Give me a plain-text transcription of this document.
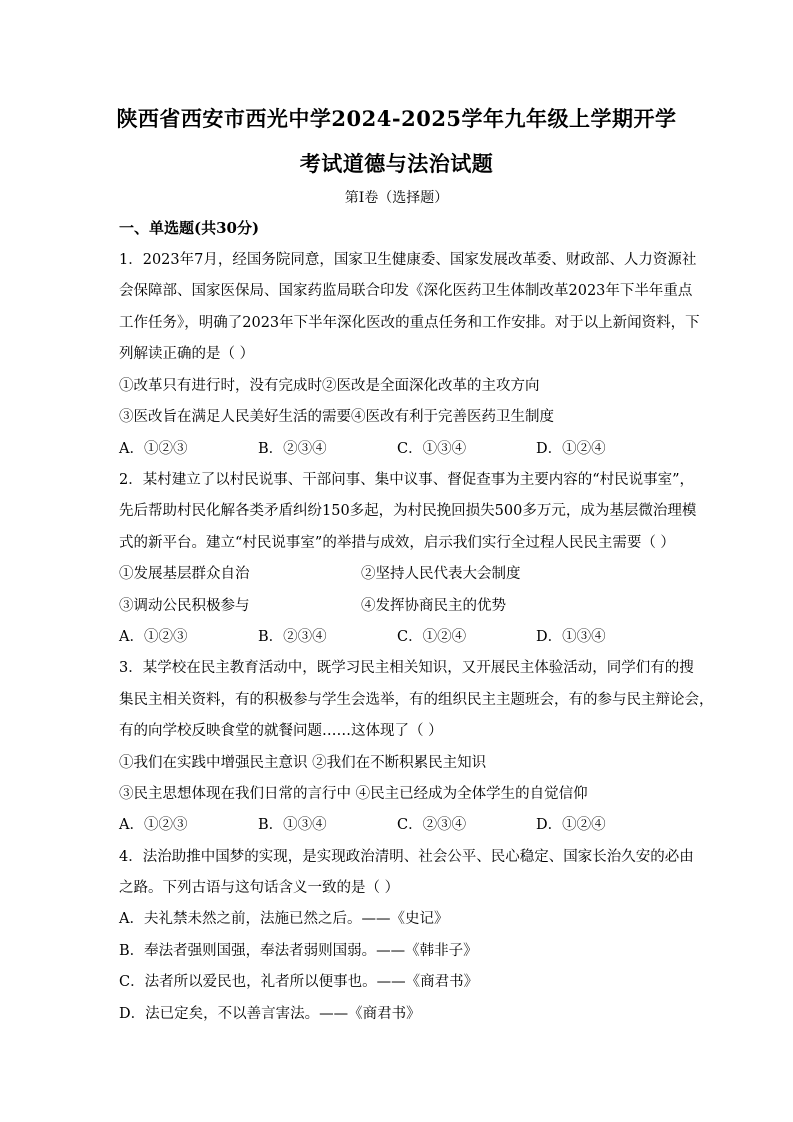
陕西省西安市西光中学2024-2025学年九年级上学期开学
考试道德与法治试题
第Ⅰ卷（选择题）
一、单选题(共30分)
1．2023年7月，经国务院同意，国家卫生健康委、国家发展改革委、财政部、人力资源社
会保障部、国家医保局、国家药监局联合印发《深化医药卫生体制改革2023年下半年重点
工作任务》，明确了2023年下半年深化医改的重点任务和工作安排。对于以上新闻资料，下
列解读正确的是（ ）
①改革只有进行时，没有完成时②医改是全面深化改革的主攻方向
③医改旨在满足人民美好生活的需要④医改有利于完善医药卫生制度
A．①②③	B．②③④	C．①③④	D．①②④
2．某村建立了以村民说事、干部问事、集中议事、督促查事为主要内容的“村民说事室”，
先后帮助村民化解各类矛盾纠纷150多起，为村民挽回损失500多万元，成为基层微治理模
式的新平台。建立“村民说事室”的举措与成效，启示我们实行全过程人民民主需要（ ）
①发展基层群众自治	②坚持人民代表大会制度
③调动公民积极参与	④发挥协商民主的优势
A．①②③	B．②③④	C．①②④	D．①③④
3．某学校在民主教育活动中，既学习民主相关知识，又开展民主体验活动，同学们有的搜
集民主相关资料，有的积极参与学生会选举，有的组织民主主题班会，有的参与民主辩论会，
有的向学校反映食堂的就餐问题……这体现了（ ）
①我们在实践中增强民主意识 ②我们在不断积累民主知识
③民主思想体现在我们日常的言行中 ④民主已经成为全体学生的自觉信仰
A．①②③	B．①③④	C．②③④	D．①②④
4．法治助推中国梦的实现，是实现政治清明、社会公平、民心稳定、国家长治久安的必由
之路。下列古语与这句话含义一致的是（ ）
A．夫礼禁未然之前，法施已然之后。——《史记》
B．奉法者强则国强，奉法者弱则国弱。——《韩非子》
C．法者所以爱民也，礼者所以便事也。——《商君书》
D．法已定矣，不以善言害法。——《商君书》
